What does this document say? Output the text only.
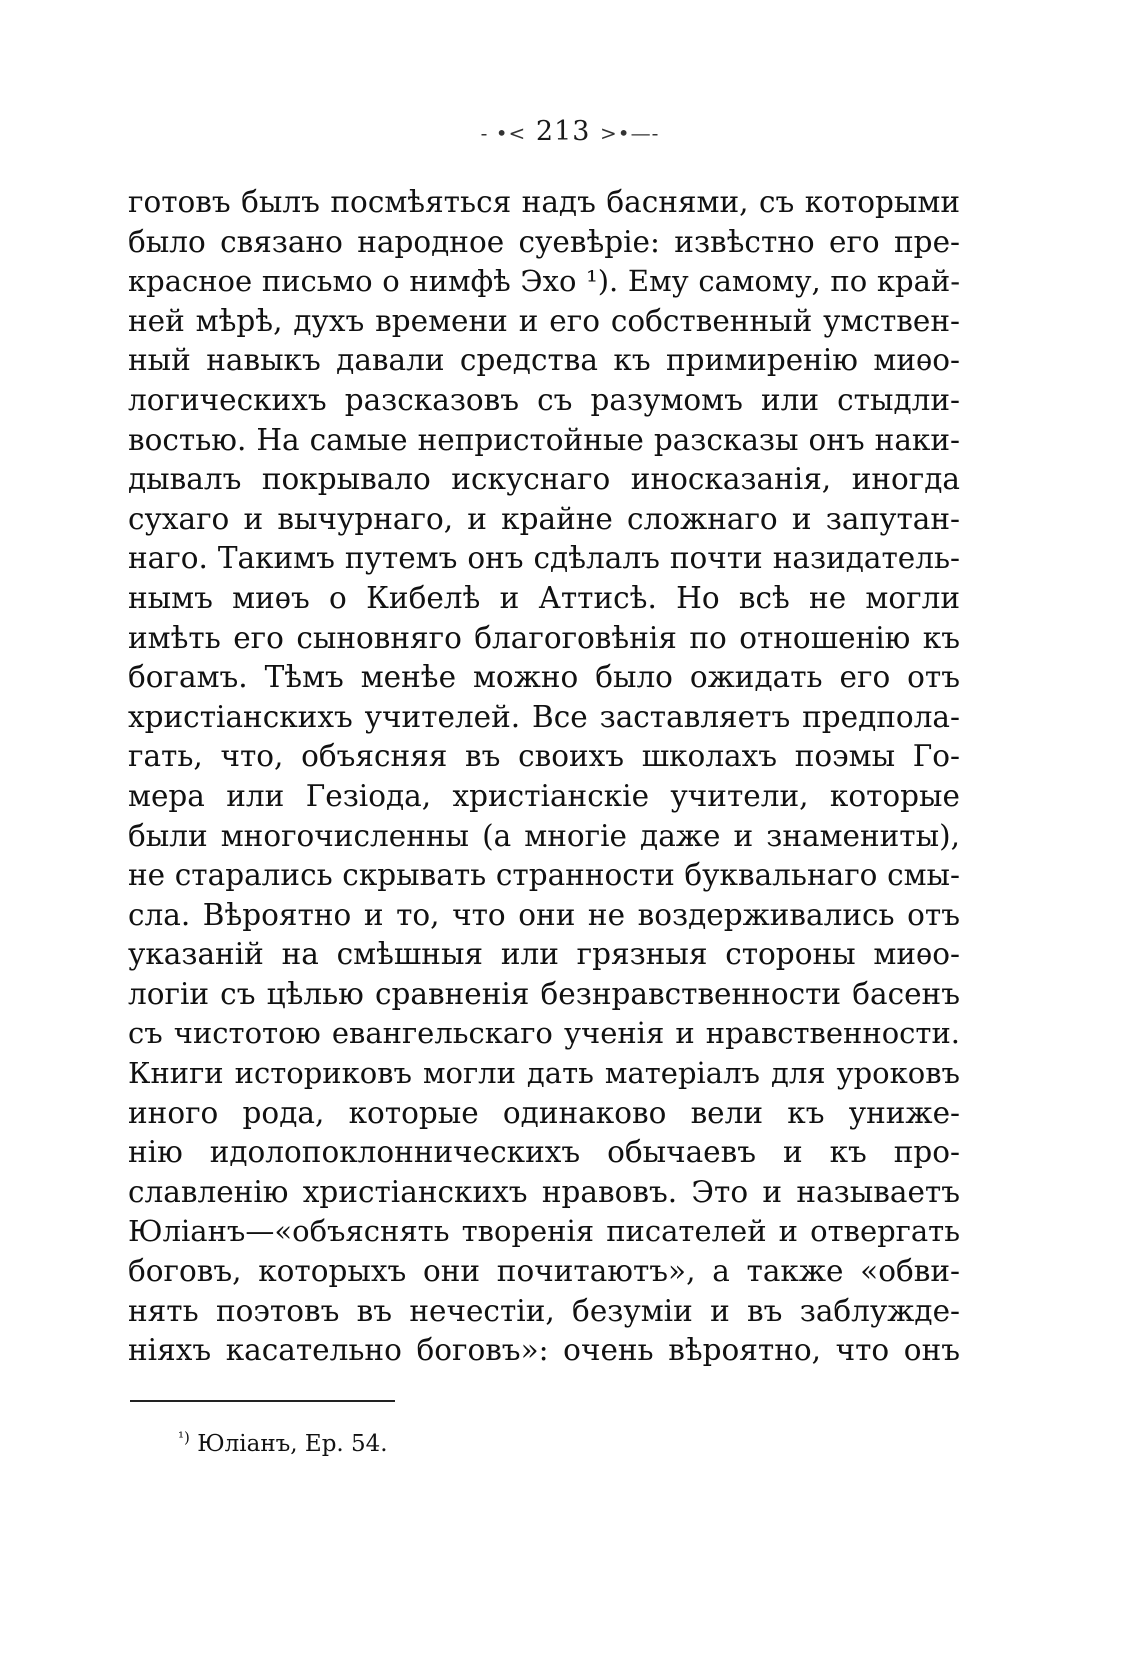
- •< 213 >•—-
готовъ былъ посмѣяться надъ баснями, съ которыми
было связано народное суевѣріе: извѣстно его пре-
красное письмо о нимфѣ Эхо ¹). Ему самому, по край-
ней мѣрѣ, духъ времени и его собственный умствен-
ный навыкъ давали средства къ примиренію миѳо-
логическихъ разсказовъ съ разумомъ или стыдли-
востью. На самые непристойные разсказы онъ наки-
дывалъ покрывало искуснаго иносказанія, иногда
сухаго и вычурнаго, и крайне сложнаго и запутан-
наго. Такимъ путемъ онъ сдѣлалъ почти назидатель-
нымъ миѳъ о Кибелѣ и Аттисѣ. Но всѣ не могли
имѣть его сыновняго благоговѣнія по отношенію къ
богамъ. Тѣмъ менѣе можно было ожидать его отъ
христіанскихъ учителей. Все заставляетъ предпола-
гать, что, объясняя въ своихъ школахъ поэмы Го-
мера или Гезіода, христіанскіе учители, которые
были многочисленны (а многіе даже и знамениты),
не старались скрывать странности буквальнаго смы-
сла. Вѣроятно и то, что они не воздерживались отъ
указаній на смѣшныя или грязныя стороны миѳо-
логіи съ цѣлью сравненія безнравственности басенъ
съ чистотою евангельскаго ученія и нравственности.
Книги историковъ могли дать матеріалъ для уроковъ
иного рода, которые одинаково вели къ униже-
нію идолопоклонническихъ обычаевъ и къ про-
славленію христіанскихъ нравовъ. Это и называетъ
Юліанъ—«объяснять творенія писателей и отвергать
боговъ, которыхъ они почитаютъ», а также «обви-
нять поэтовъ въ нечестіи, безуміи и въ заблужде-
ніяхъ касательно боговъ»: очень вѣроятно, что онъ
$^{^1)}$ Юліанъ, Ep. 54.
